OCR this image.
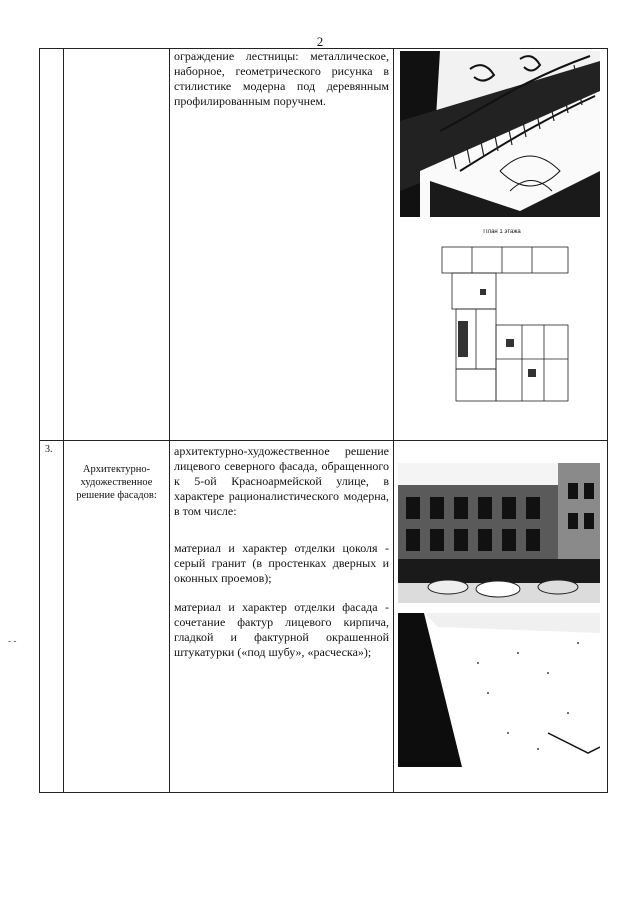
2
- -

		ограждение лестницы: металлическое, наборное, геометрического рисунка в стилистике модерна под деревянным профилированным поручнем.	План 1 этажа

3.	Архитектурно-художественное решение фасадов:	архитектурно-художественное решение лицевого северного фасада, обращенного к 5-ой Красноармейской улице, в характере рационалистического модерна, в том числе:

материал и характер отделки цоколя - серый гранит (в простенках дверных и оконных проемов);

материал и характер отделки фасада - сочетание фактур лицевого кирпича, гладкой и фактурной окрашенной штукатурки («под шубу», «расческа»);
